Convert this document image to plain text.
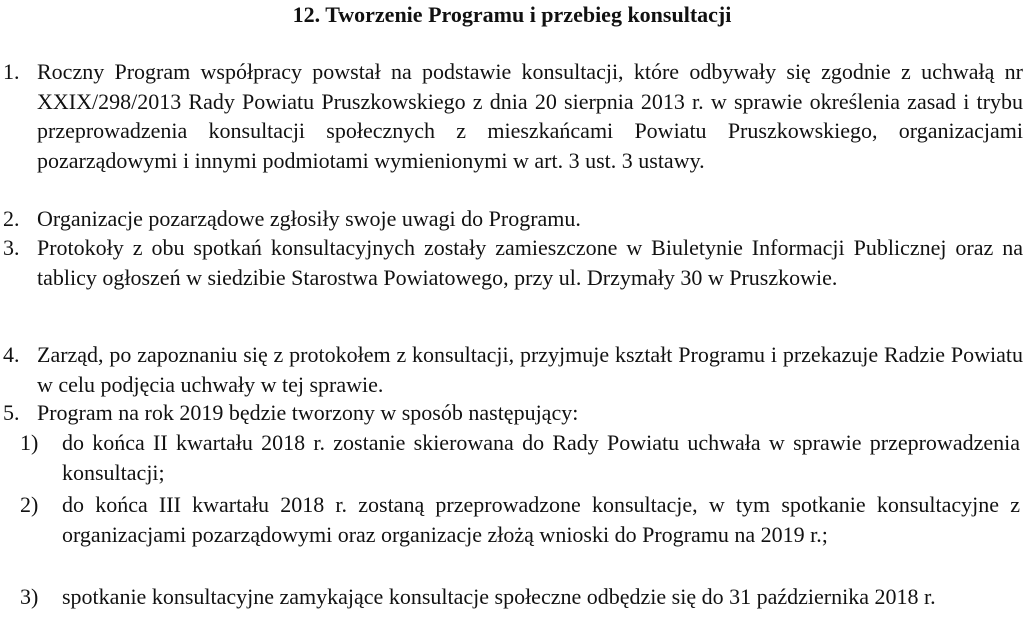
12. Tworzenie Programu i przebieg konsultacji
1. Roczny Program współpracy powstał na podstawie konsultacji, które odbywały się zgodnie z uchwałą nr XXIX/298/2013 Rady Powiatu Pruszkowskiego z dnia 20 sierpnia 2013 r. w sprawie określenia zasad i trybu przeprowadzenia konsultacji społecznych z mieszkańcami Powiatu Pruszkowskiego, organizacjami pozarządowymi i innymi podmiotami wymienionymi w art. 3 ust. 3 ustawy.
2. Organizacje pozarządowe zgłosiły swoje uwagi do Programu.
3. Protokoły z obu spotkań konsultacyjnych zostały zamieszczone w Biuletynie Informacji Publicznej oraz na tablicy ogłoszeń w siedzibie Starostwa Powiatowego, przy ul. Drzymały 30 w Pruszkowie.
4. Zarząd, po zapoznaniu się z protokołem z konsultacji, przyjmuje kształt Programu i przekazuje Radzie Powiatu w celu podjęcia uchwały w tej sprawie.
5. Program na rok 2019 będzie tworzony w sposób następujący:
1) do końca II kwartału 2018 r. zostanie skierowana do Rady Powiatu uchwała w sprawie przeprowadzenia konsultacji;
2) do końca III kwartału 2018 r. zostaną przeprowadzone konsultacje, w tym spotkanie konsultacyjne z organizacjami pozarządowymi oraz organizacje złożą wnioski do Programu na 2019 r.;
3) spotkanie konsultacyjne zamykające konsultacje społeczne odbędzie się do 31 października 2018 r.
